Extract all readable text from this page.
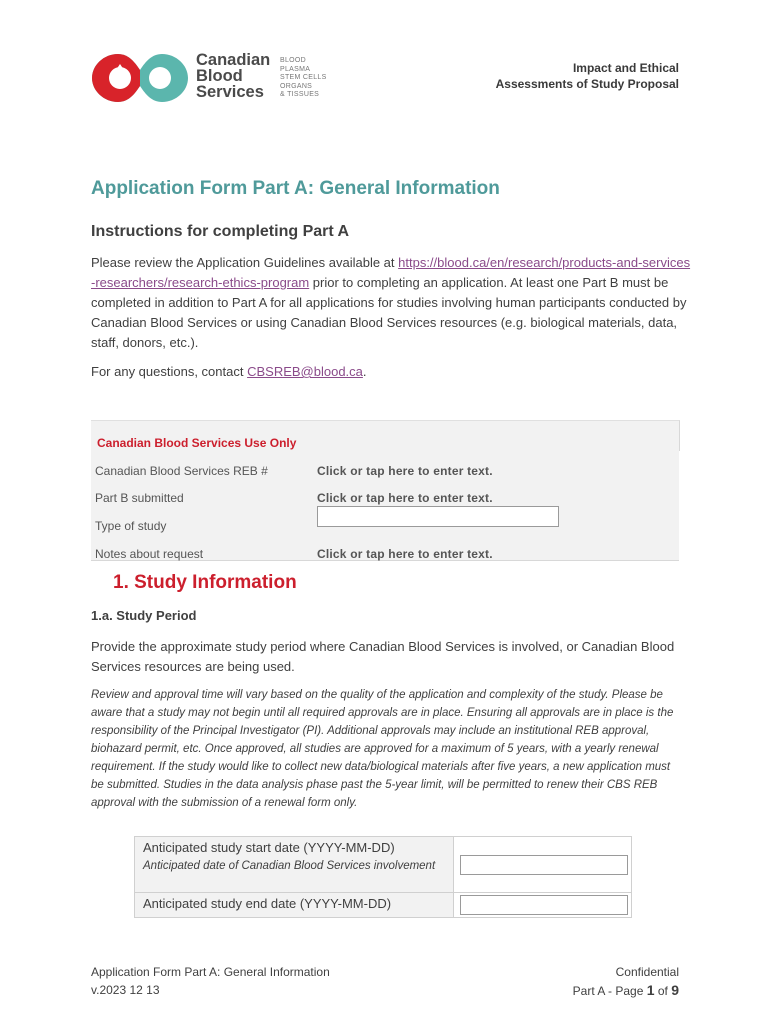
Canadian
Blood
Services
BLOOD
PLASMA
STEM CELLS
ORGANS
& TISSUES
Impact and Ethical
Assessments of Study Proposal
Application Form Part A: General Information
Instructions for completing Part A
Please review the Application Guidelines available at https://blood.ca/en/research/products-and-services-researchers/research-ethics-program prior to completing an application. At least one Part B must be completed in addition to Part A for all applications for studies involving human participants conducted by Canadian Blood Services or using Canadian Blood Services resources (e.g. biological materials, data, staff, donors, etc.).
For any questions, contact CBSREB@blood.ca.
Canadian Blood Services Use Only
Canadian Blood Services REB #	Click or tap here to enter text.
Part B submitted	Click or tap here to enter text.
Type of study
Notes about request	Click or tap here to enter text.
1. Study Information
1.a. Study Period
Provide the approximate study period where Canadian Blood Services is involved, or Canadian Blood Services resources are being used.
Review and approval time will vary based on the quality of the application and complexity of the study. Please be aware that a study may not begin until all required approvals are in place. Ensuring all approvals are in place is the responsibility of the Principal Investigator (PI). Additional approvals may include an institutional REB approval, biohazard permit, etc. Once approved, all studies are approved for a maximum of 5 years, with a yearly renewal requirement. If the study would like to collect new data/biological materials after five years, a new application must be submitted. Studies in the data analysis phase past the 5-year limit, will be permitted to renew their CBS REB approval with the submission of a renewal form only.
Anticipated study start date (YYYY-MM-DD)
Anticipated date of Canadian Blood Services involvement
Anticipated study end date (YYYY-MM-DD)
Application Form Part A: General Information
v.2023 12 13
Confidential
Part A - Page 1 of 9
